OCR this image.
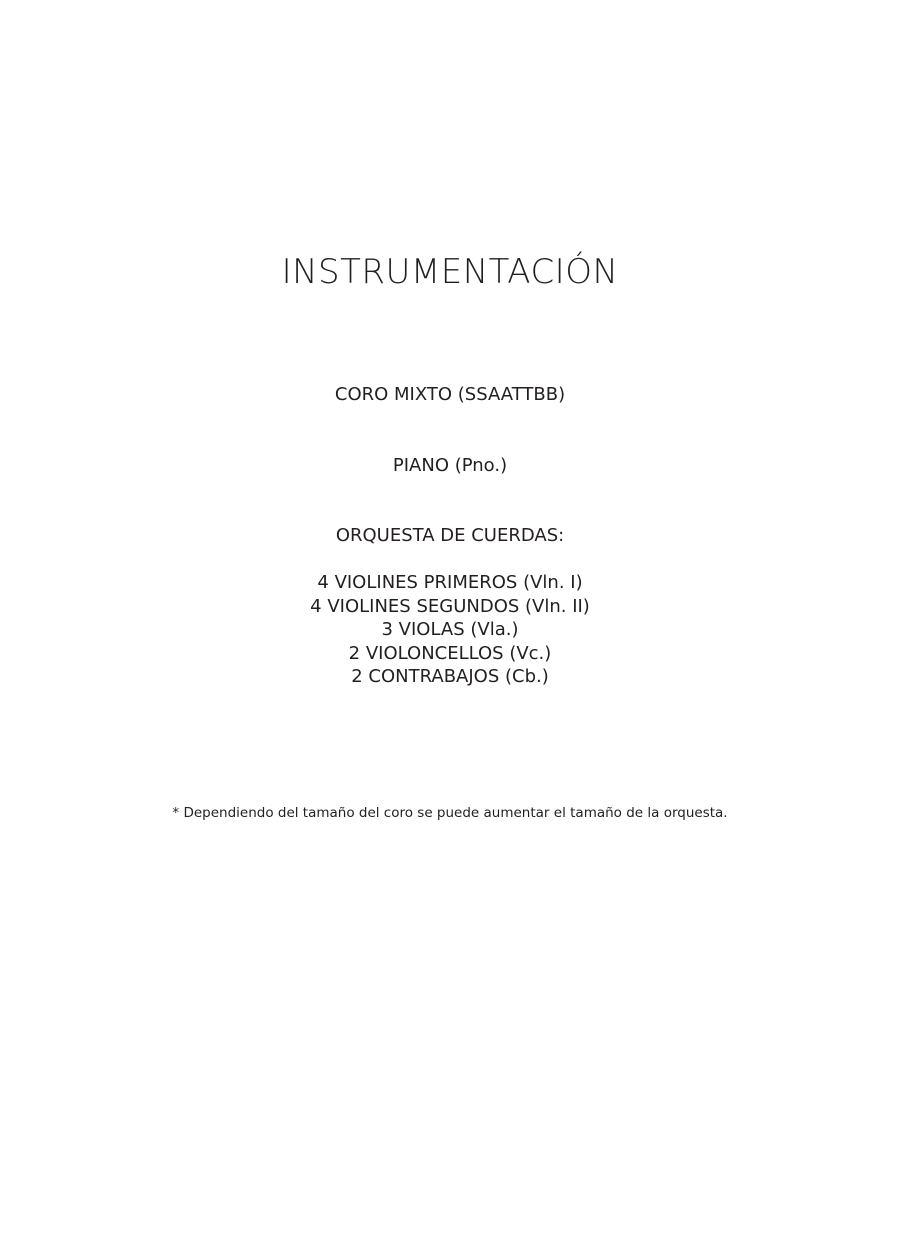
INSTRUMENTACIÓN
CORO MIXTO (SSAATTBB)
PIANO (Pno.)
ORQUESTA DE CUERDAS:
4 VIOLINES PRIMEROS (Vln. I)
4 VIOLINES SEGUNDOS (Vln. II)
3 VIOLAS (Vla.)
2 VIOLONCELLOS (Vc.)
2 CONTRABAJOS (Cb.)
* Dependiendo del tamaño del coro se puede aumentar el tamaño de la orquesta.
